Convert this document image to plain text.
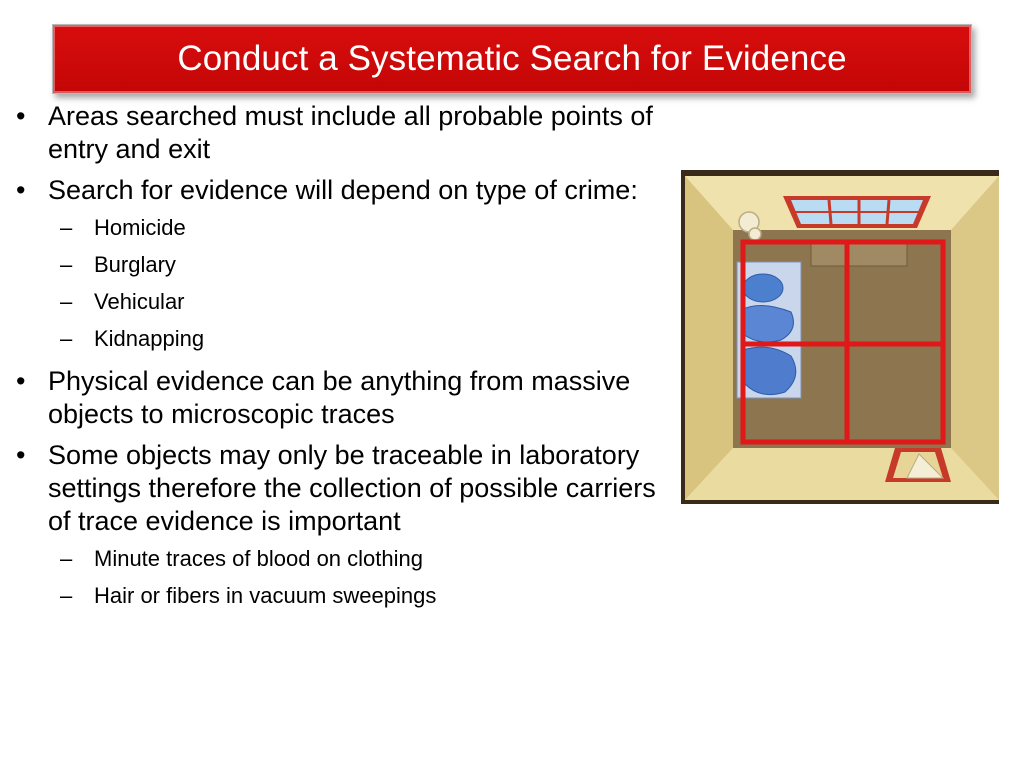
Conduct a Systematic Search for Evidence
• Areas searched must include all probable points of entry and exit
• Search for evidence will depend on type of crime:
– Homicide
– Burglary
– Vehicular
– Kidnapping
• Physical evidence can be anything from massive objects to microscopic traces
• Some objects may only be traceable in laboratory settings therefore the collection of possible carriers of trace evidence is important
– Minute traces of blood on clothing
– Hair or fibers in vacuum sweepings
